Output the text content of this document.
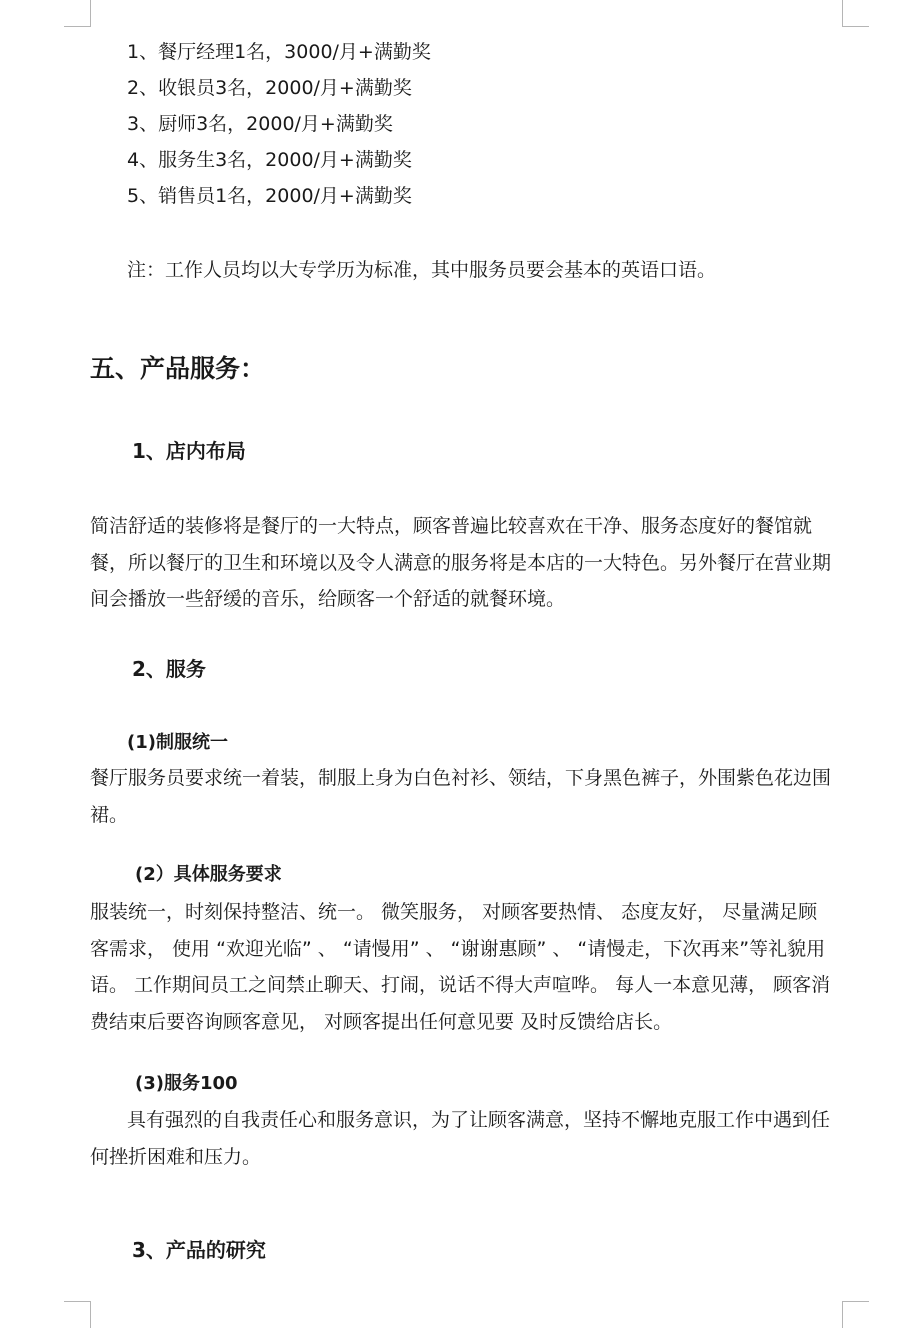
1、餐厅经理1名，3000/月+满勤奖
2、收银员3名，2000/月+满勤奖
3、厨师3名，2000/月+满勤奖
4、服务生3名，2000/月+满勤奖
5、销售员1名，2000/月+满勤奖
注：工作人员均以大专学历为标准，其中服务员要会基本的英语口语。
五、产品服务：
1、店内布局
简洁舒适的装修将是餐厅的一大特点，顾客普遍比较喜欢在干净、服务态度好的餐馆就餐，所以餐厅的卫生和环境以及令人满意的服务将是本店的一大特色。另外餐厅在营业期间会播放一些舒缓的音乐，给顾客一个舒适的就餐环境。
2、服务
(1)制服统一
餐厅服务员要求统一着装，制服上身为白色衬衫、领结，下身黑色裤子，外围紫色花边围裙。
(2）具体服务要求
服装统一，时刻保持整洁、统一。 微笑服务， 对顾客要热情、 态度友好， 尽量满足顾客需求， 使用 “欢迎光临” 、 “请慢用” 、 “谢谢惠顾” 、 “请慢走，下次再来”等礼貌用语。 工作期间员工之间禁止聊天、打闹，说话不得大声喧哗。 每人一本意见薄， 顾客消费结束后要咨询顾客意见， 对顾客提出任何意见要 及时反馈给店长。
(3)服务100
具有强烈的自我责任心和服务意识，为了让顾客满意，坚持不懈地克服工作中遇到任何挫折困难和压力。
3、产品的研究
